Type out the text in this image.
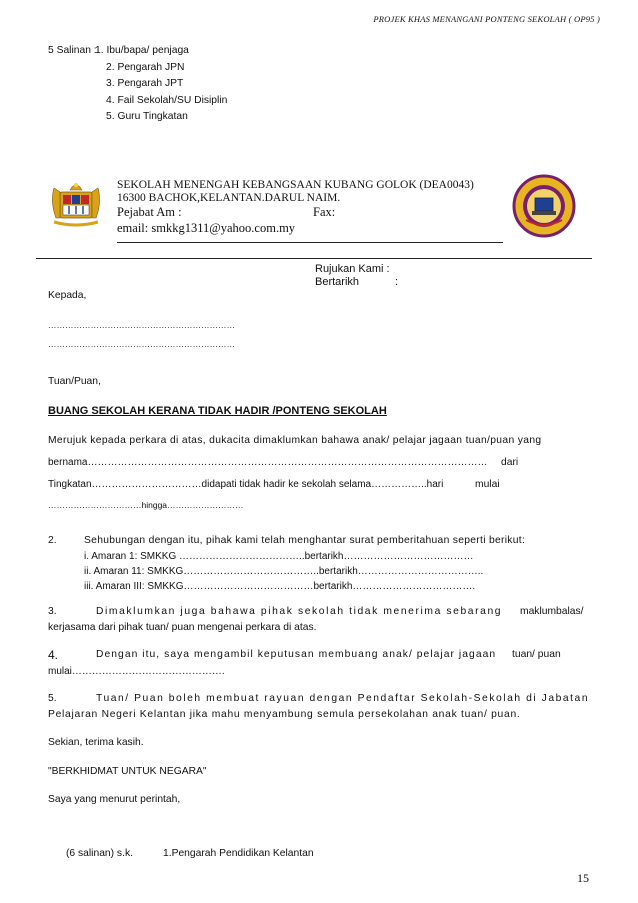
PROJEK KHAS MENANGANI PONTENG SEKOLAH ( OP95 )
5 Salinan :
1. Ibu/bapa/ penjaga
2. Pengarah JPN
3. Pengarah JPT
4. Fail Sekolah/SU Disiplin
5. Guru Tingkatan
SEKOLAH MENENGAH KEBANGSAAN KUBANG GOLOK (DEA0043)
16300 BACHOK,KELANTAN.DARUL NAIM.
Pejabat Am :	Fax:
email: smkkg1311@yahoo.com.my
Rujukan Kami :
Bertarikh	:
Kepada,
…………………………………………………………
…………………………………………………………
Tuan/Puan,
BUANG SEKOLAH KERANA TIDAK HADIR /PONTENG SEKOLAH
Merujuk kepada perkara di atas, dukacita dimaklumkan bahawa anak/ pelajar jagaan tuan/puan yang
bernama………………………………………………………………………………………………………… dari
Tingkatan……………………………didapati tidak hadir ke sekolah selama……………..hari	mulai
……………………………hingga………………………
2.	Sehubungan dengan itu, pihak kami telah menghantar surat pemberitahuan seperti berikut:
i. Amaran 1: SMKKG ………………………………..bertarikh…………………………………
ii. Amaran 11: SMKKG…………………………………..bertarikh………………………………..
iii. Amaran III: SMKKG…………………………………bertarikh……………………………….
3.	Dimaklumkan juga bahawa pihak sekolah tidak menerima sebarang maklumbalas/
kerjasama dari pihak tuan/ puan mengenai perkara di atas.
4.	Dengan itu, saya mengambil keputusan membuang anak/ pelajar jagaan tuan/ puan
mulai……………………………………….
5.	Tuan/ Puan boleh membuat rayuan dengan Pendaftar Sekolah-Sekolah di Jabatan
Pelajaran Negeri Kelantan jika mahu menyambung semula persekolahan anak tuan/ puan.
Sekian, terima kasih.
"BERKHIDMAT UNTUK NEGARA"
Saya yang menurut perintah,
(6 salinan) s.k.	1.Pengarah Pendidikan Kelantan
15
